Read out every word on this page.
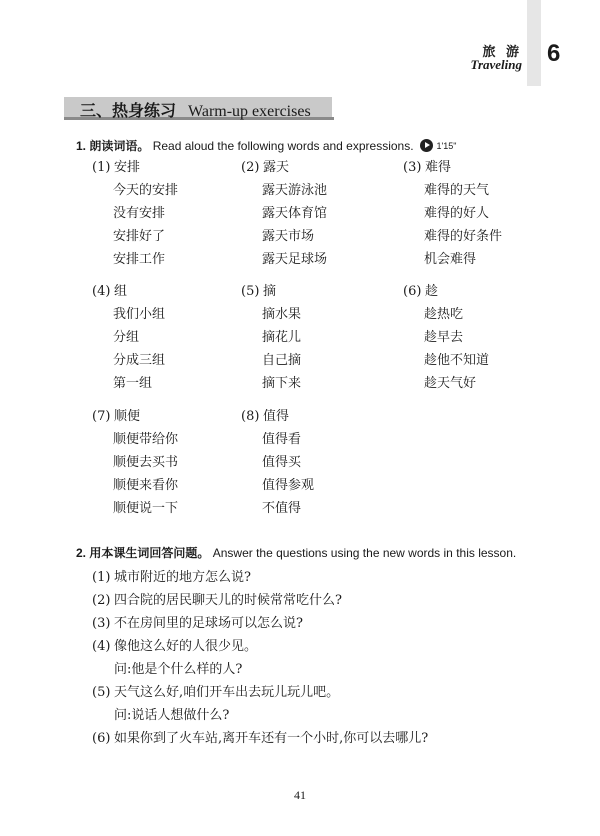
旅 游
Traveling 6
三、热身练习 Warm-up exercises
1. 朗读词语。 Read aloud the following words and expressions.	1'15"
(1) 安排
今天的安排
没有安排
安排好了
安排工作
(2) 露天
露天游泳池
露天体育馆
露天市场
露天足球场
(3) 难得
难得的天气
难得的好人
难得的好条件
机会难得
(4) 组
我们小组
分组
分成三组
第一组
(5) 摘
摘水果
摘花儿
自己摘
摘下来
(6) 趁
趁热吃
趁早去
趁他不知道
趁天气好
(7) 顺便
顺便带给你
顺便去买书
顺便来看你
顺便说一下
(8) 值得
值得看
值得买
值得参观
不值得
2. 用本课生词回答问题。 Answer the questions using the new words in this lesson.
(1) 城市附近的地方怎么说?
(2) 四合院的居民聊天儿的时候常常吃什么?
(3) 不在房间里的足球场可以怎么说?
(4) 像他这么好的人很少见。
问:他是个什么样的人?
(5) 天气这么好,咱们开车出去玩儿玩儿吧。
问:说话人想做什么?
(6) 如果你到了火车站,离开车还有一个小时,你可以去哪儿?
41
